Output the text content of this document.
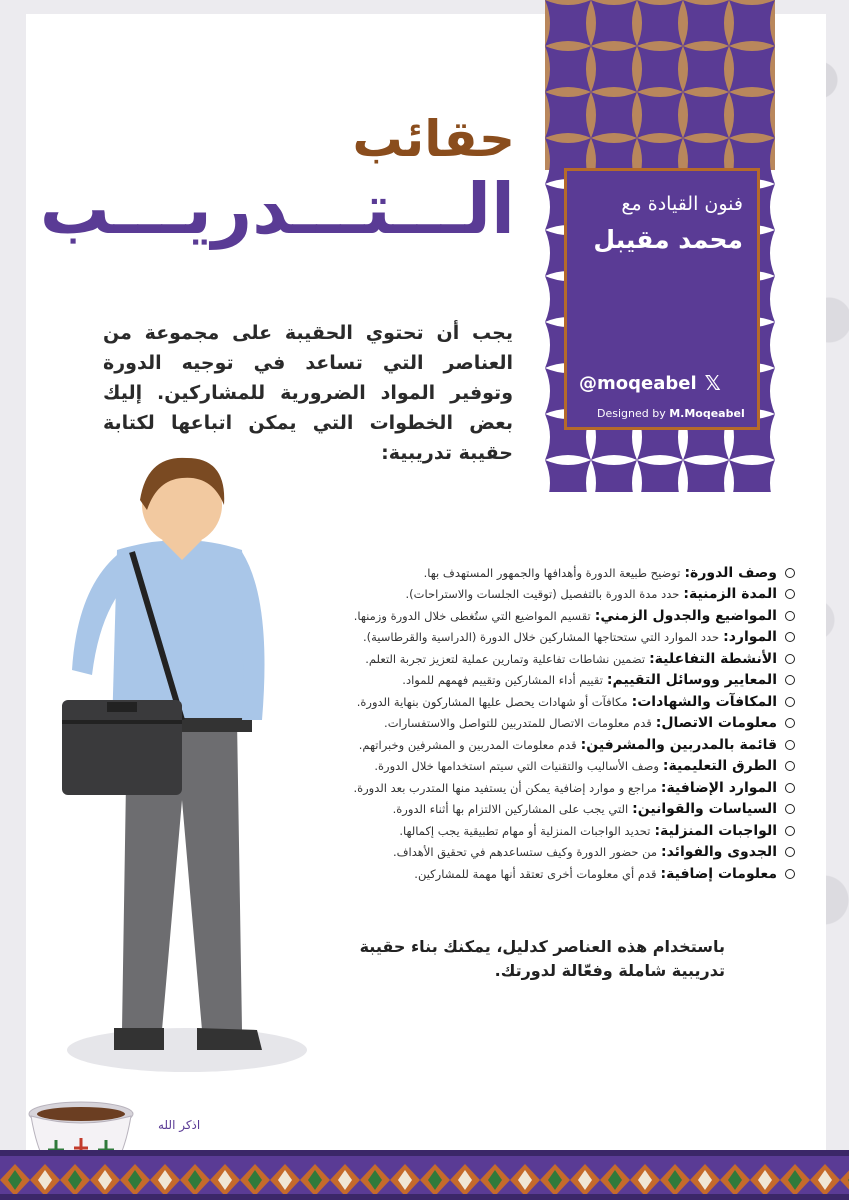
حقائب
الـــتـــدريـــب	فنون القيادة مع
محمد مقيبل
@moqeabel 𝕏
Designed by M.Moqeabel
يجب أن تحتوي الحقيبة على مجموعة من العناصر التي تساعد في توجيه الدورة وتوفير المواد الضرورية للمشاركين. إليك بعض الخطوات التي يمكن اتباعها لكتابة حقيبة تدريبية:
وصف الدورة:
توضيح طبيعة الدورة وأهدافها والجمهور المستهدف بها.
المدة الزمنية:
حدد مدة الدورة بالتفصيل (توقيت الجلسات والاستراحات).
المواضيع والجدول الزمني:
تقسيم المواضيع التي ستُغطى خلال الدورة وزمنها.
الموارد:
حدد الموارد التي ستحتاجها المشاركين خلال الدورة (الدراسية والقرطاسية).
الأنشطة التفاعلية:
تضمين نشاطات تفاعلية وتمارين عملية لتعزيز تجربة التعلم.
المعايير ووسائل التقييم:
تقييم أداء المشاركين وتقييم فهمهم للمواد.
المكافآت والشهادات:
مكافآت أو شهادات يحصل عليها المشاركون بنهاية الدورة.
معلومات الاتصال:
قدم معلومات الاتصال للمتدربين للتواصل والاستفسارات.
قائمة بالمدربين والمشرفين:
قدم معلومات المدربين و المشرفين وخبراتهم.
الطرق التعليمية:
وصف الأساليب والتقنيات التي سيتم استخدامها خلال الدورة.
الموارد الإضافية:
مراجع و موارد إضافية يمكن أن يستفيد منها المتدرب بعد الدورة.
السياسات والقوانين:
التي يجب على المشاركين الالتزام بها أثناء الدورة.
الواجبات المنزلية:
تحديد الواجبات المنزلية أو مهام تطبيقية يجب إكمالها.
الجدوى والفوائد:
من حضور الدورة وكيف ستساعدهم في تحقيق الأهداف.
معلومات إضافية:
قدم أي معلومات أخرى تعتقد أنها مهمة للمشاركين.
باستخدام هذه العناصر كدليل، يمكنك بناء حقيبة تدريبية شاملة وفعّالة لدورتك.
اذكر الله
